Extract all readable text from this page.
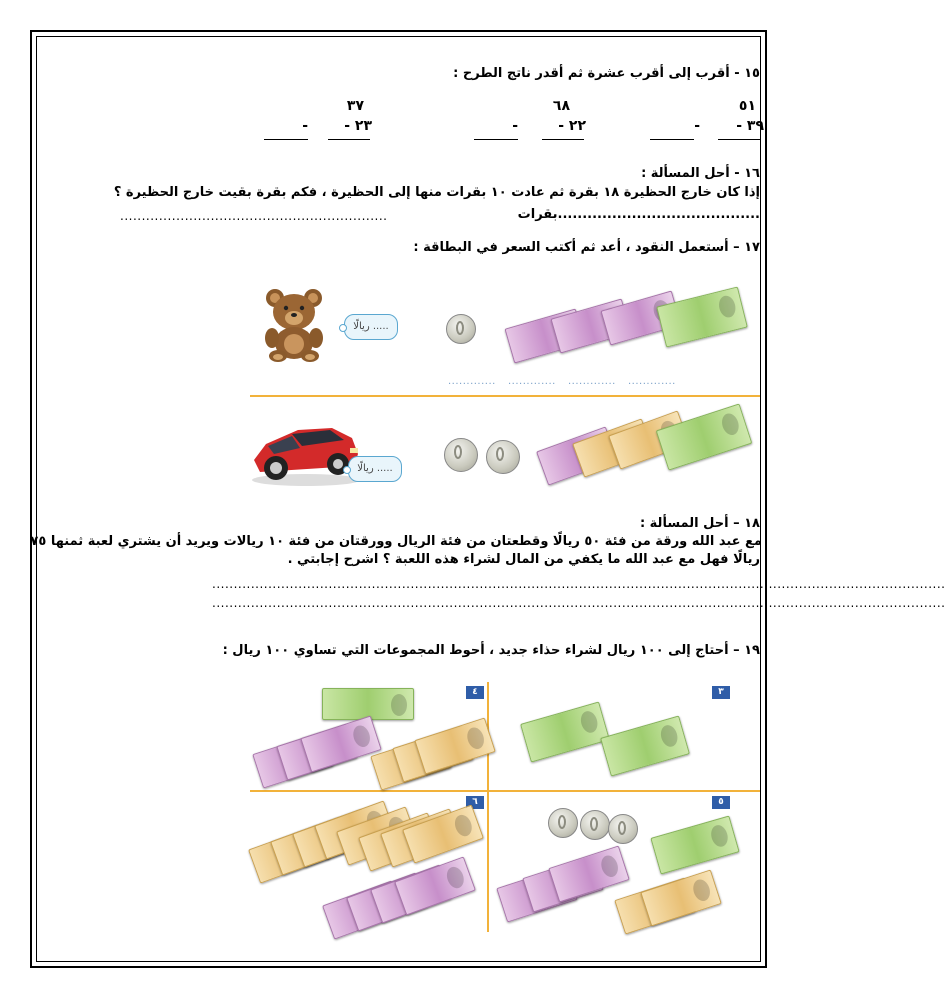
١٥ - أقرب إلى أقرب عشرة ثم أقدر ناتج الطرح :
٥١
٣٩ -
-
٦٨
٢٢ -
-
٣٧
٢٣ -
-
١٦ - أحل المسألة :
إذا كان خارج الحظيرة ١٨ بقرة ثم عادت ١٠ بقرات منها إلى الحظيرة ، فكم بقرة بقيت خارج الحظيرة ؟
.........................................بقرات
..............................................................
١٧ – أستعمل النقود ، أعد ثم أكتب السعر في البطاقة :
..... ريالًا
............. ............. ............. .............
..... ريالًا
١٨ – أحل المسألة :
مع عبد الله ورقة من فئة ٥٠ ريالًا وقطعتان من فئة الريال وورقتان من فئة ١٠ ريالات ويريد أن يشتري لعبة ثمنها ٧٥
ريالًا فهل مع عبد الله ما يكفي من المال لشراء هذه اللعبة ؟ اشرح إجابتي .
..........................................................................................................................................................................
..........................................................................................................................................................................
١٩ – أحتاج إلى ١٠٠ ريال لشراء حذاء جديد ، أحوط المجموعات التي تساوي ١٠٠ ريال :
٣
٤
٥
٦
